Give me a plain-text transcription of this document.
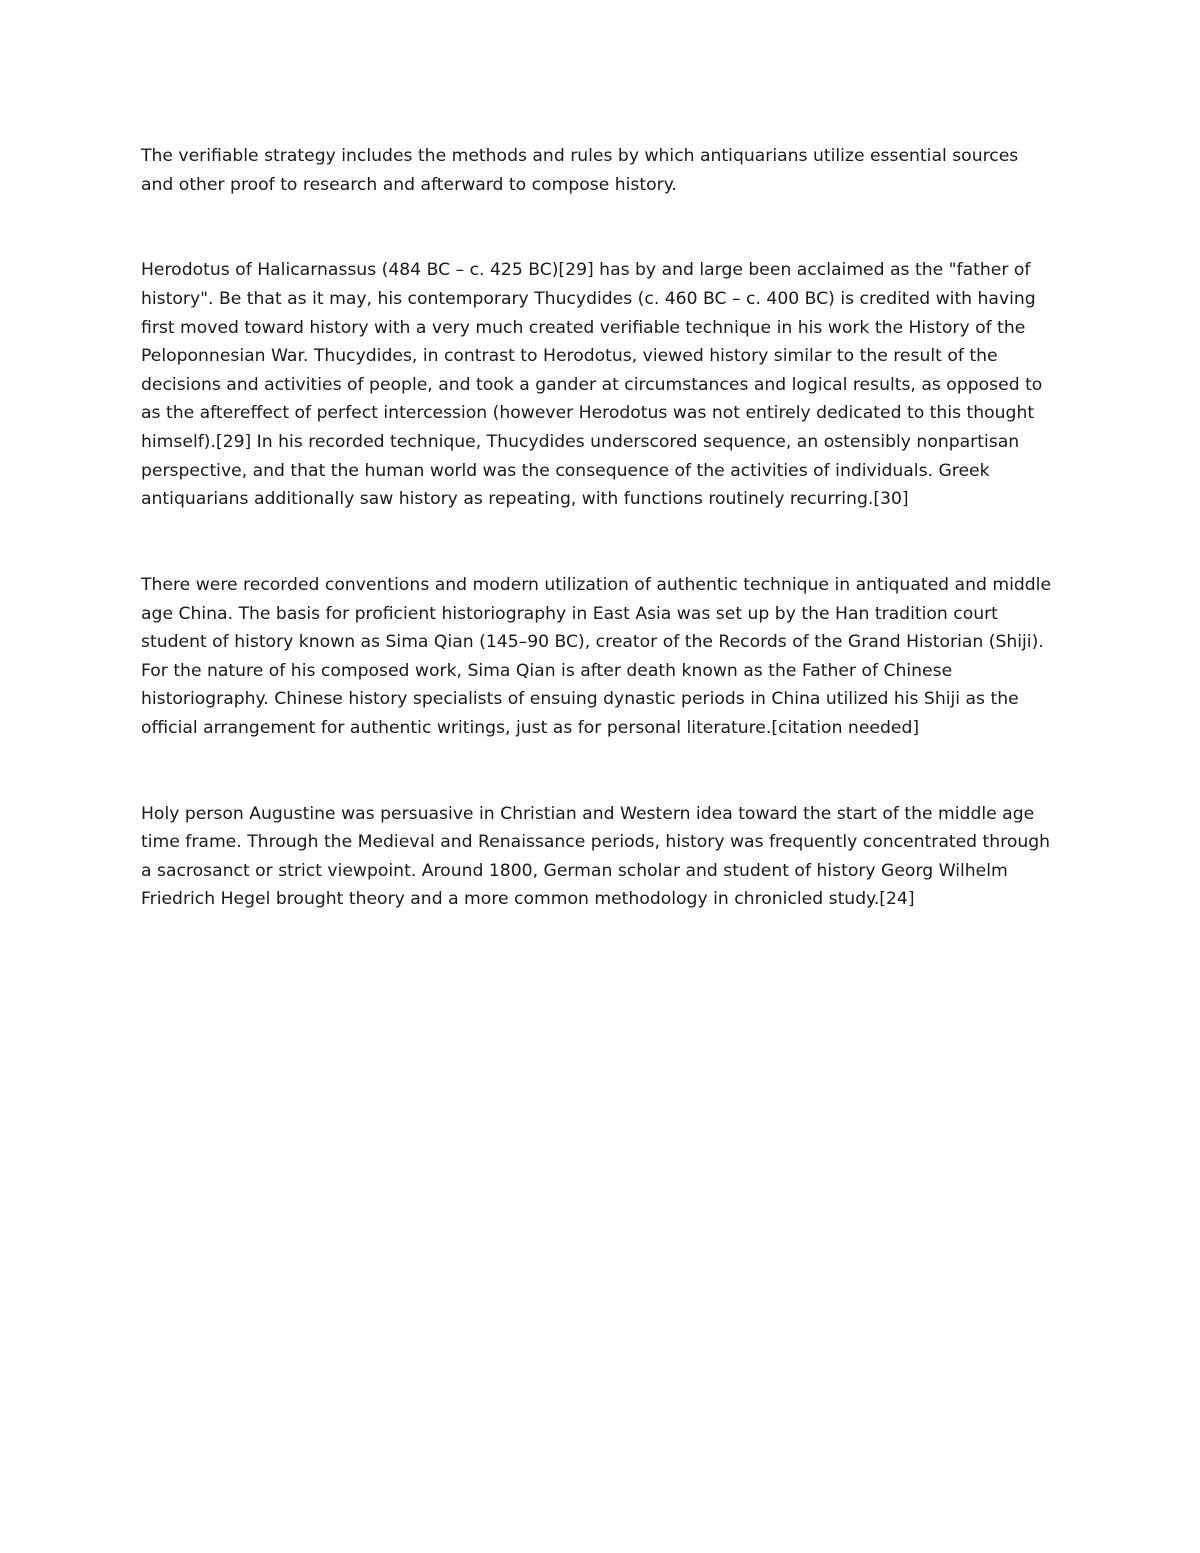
The verifiable strategy includes the methods and rules by which antiquarians utilize essential sources and other proof to research and afterward to compose history.

Herodotus of Halicarnassus (484 BC – c. 425 BC)[29] has by and large been acclaimed as the "father of history". Be that as it may, his contemporary Thucydides (c. 460 BC – c. 400 BC) is credited with having first moved toward history with a very much created verifiable technique in his work the History of the Peloponnesian War. Thucydides, in contrast to Herodotus, viewed history similar to the result of the decisions and activities of people, and took a gander at circumstances and logical results, as opposed to as the aftereffect of perfect intercession (however Herodotus was not entirely dedicated to this thought himself).[29] In his recorded technique, Thucydides underscored sequence, an ostensibly nonpartisan perspective, and that the human world was the consequence of the activities of individuals. Greek antiquarians additionally saw history as repeating, with functions routinely recurring.[30]

There were recorded conventions and modern utilization of authentic technique in antiquated and middle age China. The basis for proficient historiography in East Asia was set up by the Han tradition court student of history known as Sima Qian (145–90 BC), creator of the Records of the Grand Historian (Shiji). For the nature of his composed work, Sima Qian is after death known as the Father of Chinese historiography. Chinese history specialists of ensuing dynastic periods in China utilized his Shiji as the official arrangement for authentic writings, just as for personal literature.[citation needed]

Holy person Augustine was persuasive in Christian and Western idea toward the start of the middle age time frame. Through the Medieval and Renaissance periods, history was frequently concentrated through a sacrosanct or strict viewpoint. Around 1800, German scholar and student of history Georg Wilhelm Friedrich Hegel brought theory and a more common methodology in chronicled study.[24]
